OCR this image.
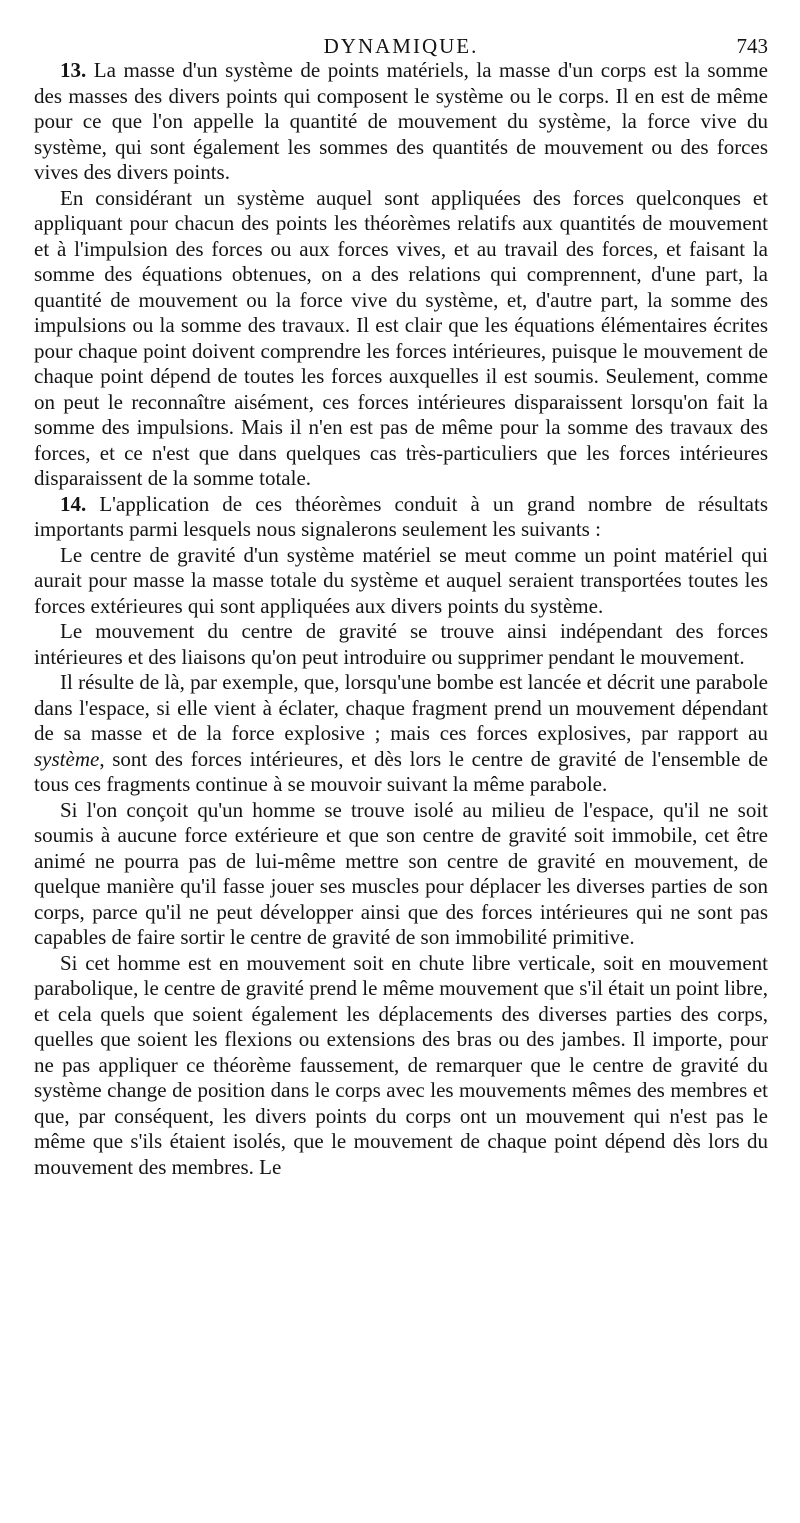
DYNAMIQUE.	743

13. La masse d'un système de points matériels, la masse d'un corps est la somme des masses des divers points qui composent le système ou le corps. Il en est de même pour ce que l'on appelle la quantité de mouvement du système, la force vive du système, qui sont également les sommes des quantités de mouvement ou des forces vives des divers points.

En considérant un système auquel sont appliquées des forces quelconques et appliquant pour chacun des points les théorèmes relatifs aux quantités de mouvement et à l'impulsion des forces ou aux forces vives, et au travail des forces, et faisant la somme des équations obtenues, on a des relations qui comprennent, d'une part, la quantité de mouvement ou la force vive du système, et, d'autre part, la somme des impulsions ou la somme des travaux. Il est clair que les équations élémentaires écrites pour chaque point doivent comprendre les forces intérieures, puisque le mouvement de chaque point dépend de toutes les forces auxquelles il est soumis. Seulement, comme on peut le reconnaître aisément, ces forces intérieures disparaissent lorsqu'on fait la somme des impulsions. Mais il n'en est pas de même pour la somme des travaux des forces, et ce n'est que dans quelques cas très-particuliers que les forces intérieures disparaissent de la somme totale.

14. L'application de ces théorèmes conduit à un grand nombre de résultats importants parmi lesquels nous signalerons seulement les suivants :

Le centre de gravité d'un système matériel se meut comme un point matériel qui aurait pour masse la masse totale du système et auquel seraient transportées toutes les forces extérieures qui sont appliquées aux divers points du système.

Le mouvement du centre de gravité se trouve ainsi indépendant des forces intérieures et des liaisons qu'on peut introduire ou supprimer pendant le mouvement.

Il résulte de là, par exemple, que, lorsqu'une bombe est lancée et décrit une parabole dans l'espace, si elle vient à éclater, chaque fragment prend un mouvement dépendant de sa masse et de la force explosive ; mais ces forces explosives, par rapport au système, sont des forces intérieures, et dès lors le centre de gravité de l'ensemble de tous ces fragments continue à se mouvoir suivant la même parabole.

Si l'on conçoit qu'un homme se trouve isolé au milieu de l'espace, qu'il ne soit soumis à aucune force extérieure et que son centre de gravité soit immobile, cet être animé ne pourra pas de lui-même mettre son centre de gravité en mouvement, de quelque manière qu'il fasse jouer ses muscles pour déplacer les diverses parties de son corps, parce qu'il ne peut développer ainsi que des forces intérieures qui ne sont pas capables de faire sortir le centre de gravité de son immobilité primitive.

Si cet homme est en mouvement soit en chute libre verticale, soit en mouvement parabolique, le centre de gravité prend le même mouvement que s'il était un point libre, et cela quels que soient également les déplacements des diverses parties des corps, quelles que soient les flexions ou extensions des bras ou des jambes. Il importe, pour ne pas appliquer ce théorème faussement, de remarquer que le centre de gravité du système change de position dans le corps avec les mouvements mêmes des membres et que, par conséquent, les divers points du corps ont un mouvement qui n'est pas le même que s'ils étaient isolés, que le mouvement de chaque point dépend dès lors du mouvement des membres. Le
